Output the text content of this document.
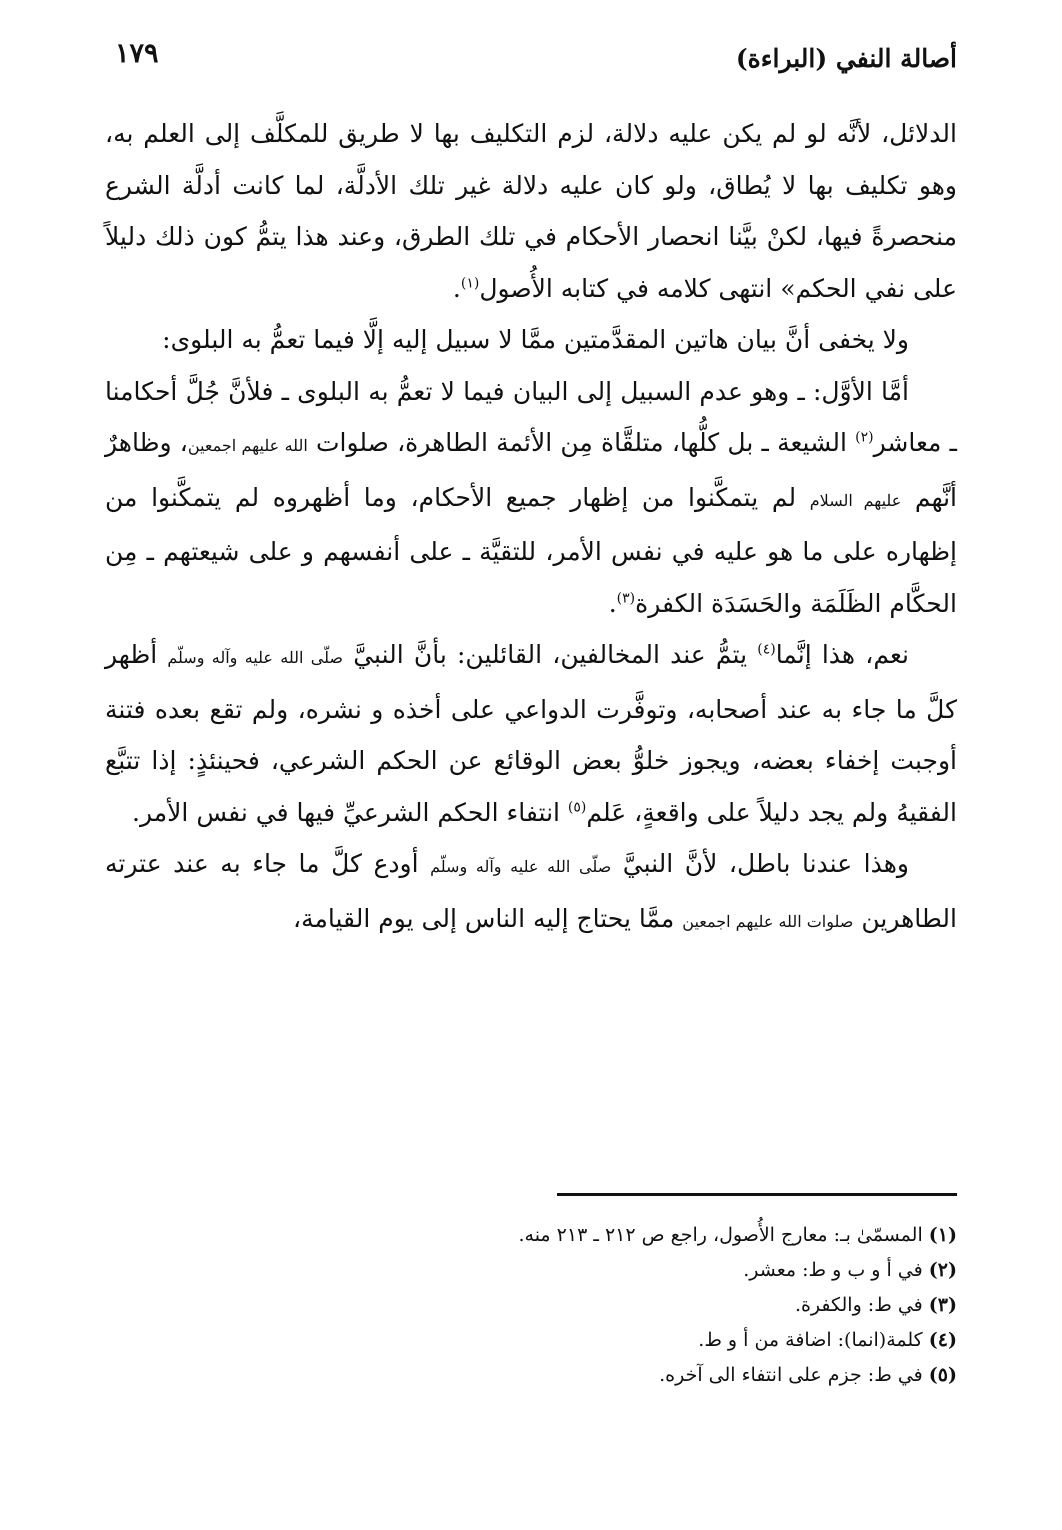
أصالة النفي (البراءة)
١٧٩

الدلائل، لأنَّه لو لم يكن عليه دلالة، لزم التكليف بها لا طريق للمكلَّف إلى العلم به، وهو تكليف بها لا يُطاق، ولو كان عليه دلالة غير تلك الأدلَّة، لما كانت أدلَّة الشرع منحصرةً فيها، لكنْ بيَّنا انحصار الأحكام في تلك الطرق، وعند هذا يتمُّ كون ذلك دليلاً على نفي الحكم» انتهى كلامه في كتابه الأُصول$^{(١)}$.

ولا يخفى أنَّ بيان هاتين المقدَّمتين ممَّا لا سبيل إليه إلَّا فيما تعمُّ به البلوى:

أمَّا الأوَّل: ـ وهو عدم السبيل إلى البيان فيما لا تعمُّ به البلوى ـ فلأنَّ جُلَّ أحكامنا ـ معاشر$^{(٢)}$ الشيعة ـ بل كلُّها، متلقَّاة مِن الأئمة الطاهرة، صلوات الله عليهم اجمعين، وظاهرٌ أنَّهم عليهم السلام لم يتمكَّنوا من إظهار جميع الأحكام، وما أظهروه لم يتمكَّنوا من إظهاره على ما هو عليه في نفس الأمر، للتقيَّة ـ على أنفسهم و على شيعتهم ـ مِن الحكَّام الظَلَمَة والحَسَدَة الكفرة$^{(٣)}$.

نعم، هذا إنَّما$^{(٤)}$ يتمُّ عند المخالفين، القائلين: بأنَّ النبيَّ صلّى الله عليه وآله وسلّم أظهر كلَّ ما جاء به عند أصحابه، وتوفَّرت الدواعي على أخذه و نشره، ولم تقع بعده فتنة أوجبت إخفاء بعضه، ويجوز خلوُّ بعض الوقائع عن الحكم الشرعي، فحينئذٍ: إذا تتبَّع الفقيهُ ولم يجد دليلاً على واقعةٍ، عَلم$^{(٥)}$ انتفاء الحكم الشرعيِّ فيها في نفس الأمر.

وهذا عندنا باطل، لأنَّ النبيَّ صلّى الله عليه وآله وسلّم أودع كلَّ ما جاء به عند عترته الطاهرين صلوات الله عليهم اجمعين ممَّا يحتاج إليه الناس إلى يوم القيامة،

(١) المسمّىٰ بـ: معارج الأُصول، راجع ص ٢١٢ ـ ٢١٣ منه.

(٢) في أ و ب و ط: معشر.

(٣) في ط: والكفرة.

(٤) كلمة(انما): اضافة من أ و ط.

(٥) في ط: جزم على انتفاء الى آخره.
